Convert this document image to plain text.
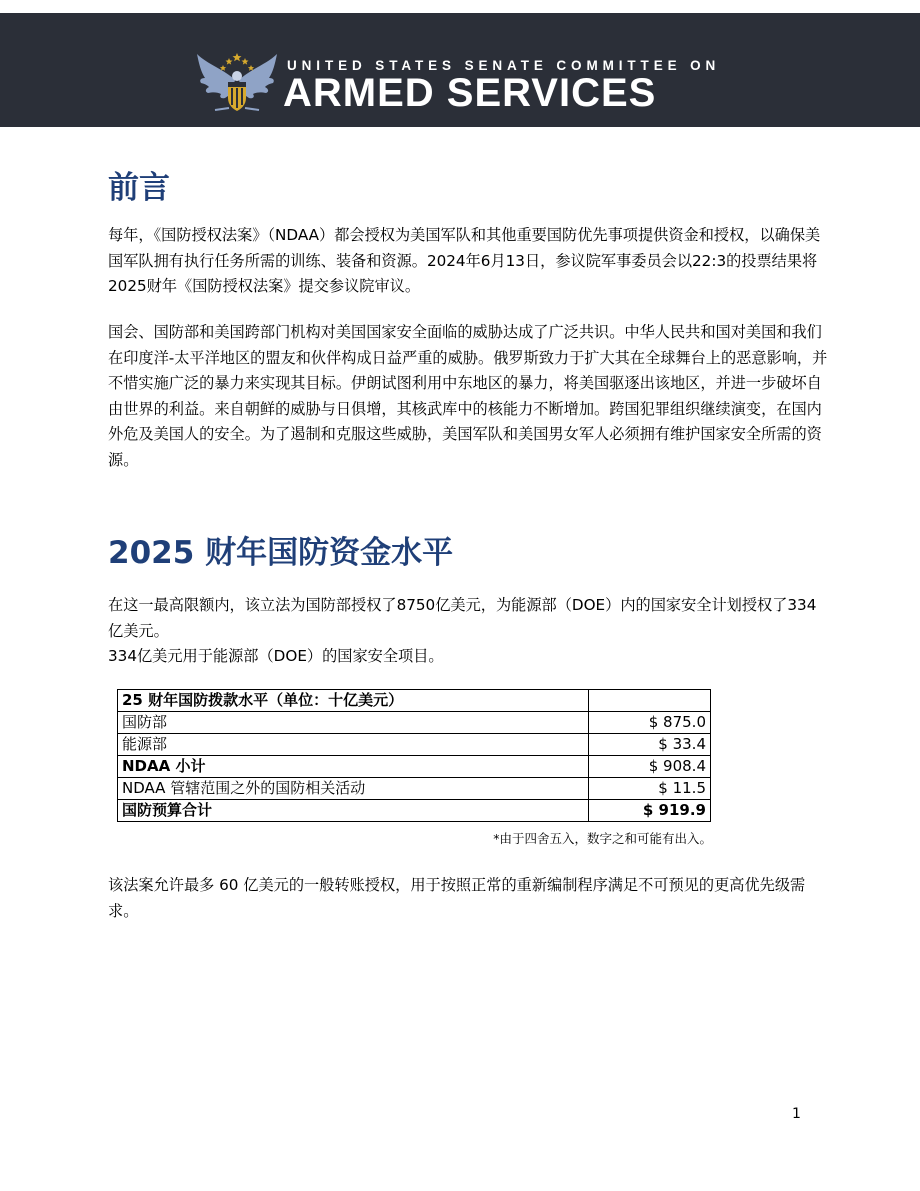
UNITED STATES SENATE COMMITTEE ON
ARMED SERVICES
前言

每年，《国防授权法案》（NDAA）都会授权为美国军队和其他重要国防优先事项提供资金和授权，以确保美国军队拥有执行任务所需的训练、装备和资源。2024年6月13日，参议院军事委员会以22:3的投票结果将2025财年《国防授权法案》提交参议院审议。

国会、国防部和美国跨部门机构对美国国家安全面临的威胁达成了广泛共识。中华人民共和国对美国和我们在印度洋-太平洋地区的盟友和伙伴构成日益严重的威胁。俄罗斯致力于扩大其在全球舞台上的恶意影响，并不惜实施广泛的暴力来实现其目标。伊朗试图利用中东地区的暴力，将美国驱逐出该地区，并进一步破坏自由世界的利益。来自朝鲜的威胁与日俱增，其核武库中的核能力不断增加。跨国犯罪组织继续演变，在国内外危及美国人的安全。为了遏制和克服这些威胁，美国军队和美国男女军人必须拥有维护国家安全所需的资源。

2025 财年国防资金水平

在这一最高限额内，该立法为国防部授权了8750亿美元，为能源部（DOE）内的国家安全计划授权了334亿美元。

334亿美元用于能源部（DOE）的国家安全项目。

25 财年国防拨款水平（单位：十亿美元）	
国防部	$ 875.0
能源部	$ 33.4
NDAA 小计	$ 908.4
NDAA 管辖范围之外的国防相关活动	$ 11.5
国防预算合计	$ 919.9
*由于四舍五入，数字之和可能有出入。

该法案允许最多 60 亿美元的一般转账授权，用于按照正常的重新编制程序满足不可预见的更高优先级需求。

1
